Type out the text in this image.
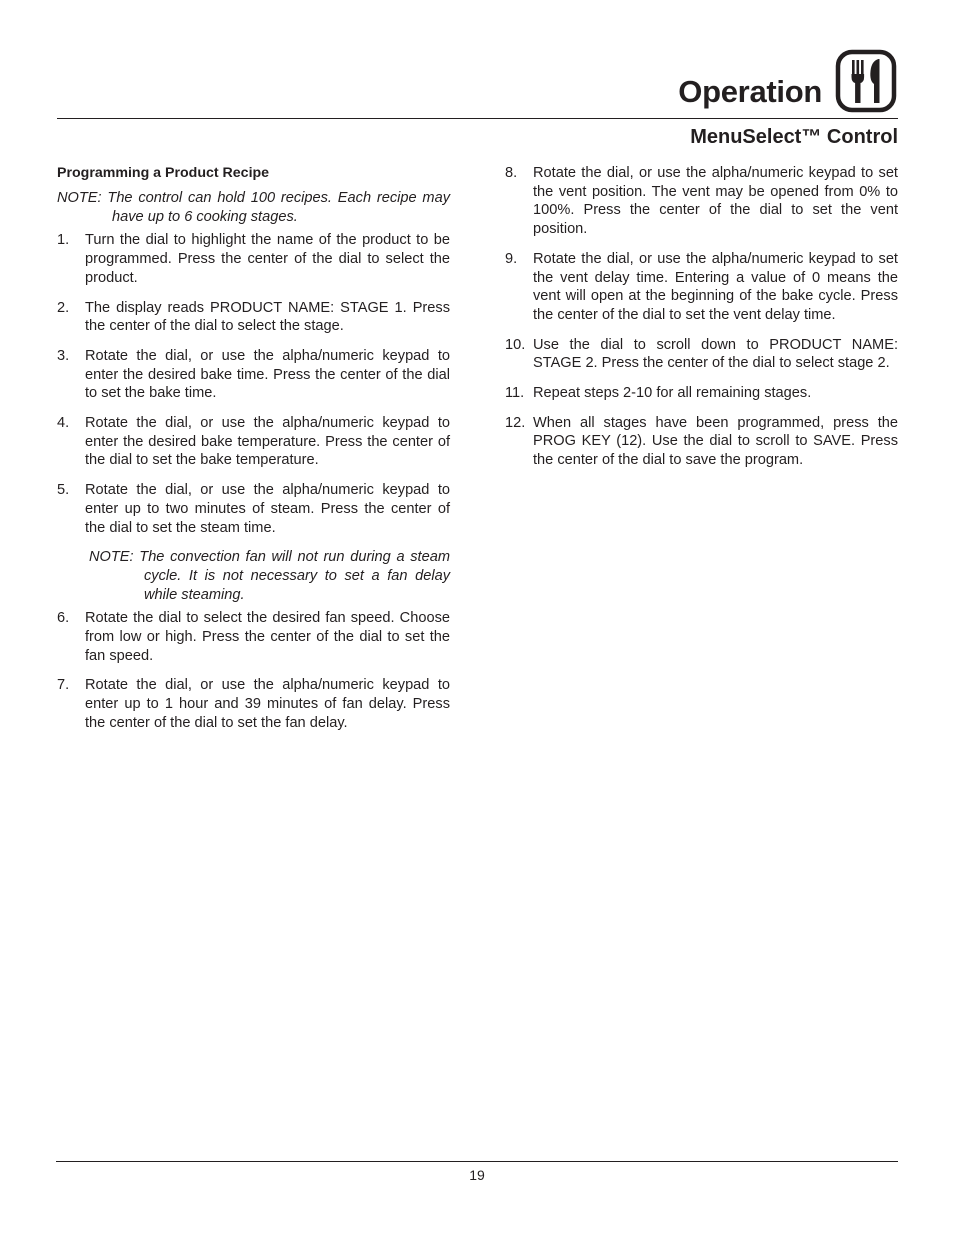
Operation
MenuSelect™ Control
Programming a Product Recipe
NOTE: The control can hold 100 recipes. Each recipe may have up to 6 cooking stages.
1. Turn the dial to highlight the name of the product to be programmed. Press the center of the dial to select the product.
2. The display reads PRODUCT NAME: STAGE 1. Press the center of the dial to select the stage.
3. Rotate the dial, or use the alpha/numeric keypad to enter the desired bake time. Press the center of the dial to set the bake time.
4. Rotate the dial, or use the alpha/numeric keypad to enter the desired bake temperature. Press the center of the dial to set the bake temperature.
5. Rotate the dial, or use the alpha/numeric keypad to enter up to two minutes of steam. Press the center of the dial to set the steam time.
NOTE: The convection fan will not run during a steam cycle. It is not necessary to set a fan delay while steaming.
6. Rotate the dial to select the desired fan speed. Choose from low or high. Press the center of the dial to set the fan speed.
7. Rotate the dial, or use the alpha/numeric keypad to enter up to 1 hour and 39 minutes of fan delay. Press the center of the dial to set the fan delay.
8. Rotate the dial, or use the alpha/numeric keypad to set the vent position. The vent may be opened from 0% to 100%. Press the center of the dial to set the vent position.
9. Rotate the dial, or use the alpha/numeric keypad to set the vent delay time. Entering a value of 0 means the vent will open at the beginning of the bake cycle. Press the center of the dial to set the vent delay time.
10. Use the dial to scroll down to PRODUCT NAME: STAGE 2. Press the center of the dial to select stage 2.
11. Repeat steps 2-10 for all remaining stages.
12. When all stages have been programmed, press the PROG KEY (12). Use the dial to scroll to SAVE. Press the center of the dial to save the program.
19
